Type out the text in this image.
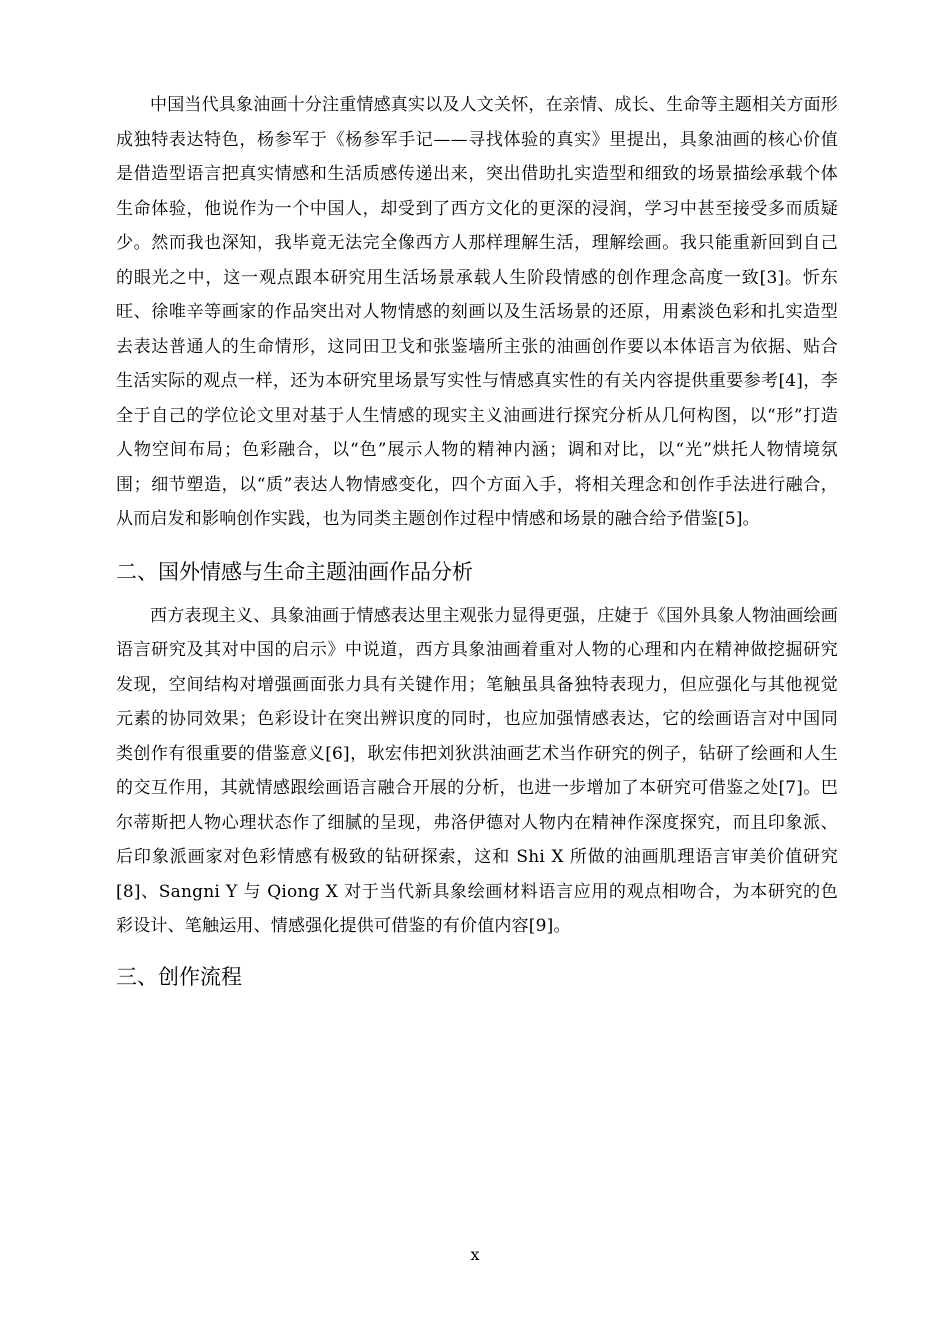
中国当代具象油画十分注重情感真实以及人文关怀，在亲情、成长、生命等主题相关方面形成独特表达特色，杨参军于《杨参军手记——寻找体验的真实》里提出，具象油画的核心价值是借造型语言把真实情感和生活质感传递出来，突出借助扎实造型和细致的场景描绘承载个体生命体验，他说作为一个中国人，却受到了西方文化的更深的浸润，学习中甚至接受多而质疑少。然而我也深知，我毕竟无法完全像西方人那样理解生活，理解绘画。我只能重新回到自己的眼光之中，这一观点跟本研究用生活场景承载人生阶段情感的创作理念高度一致[3]。忻东旺、徐唯辛等画家的作品突出对人物情感的刻画以及生活场景的还原，用素淡色彩和扎实造型去表达普通人的生命情形，这同田卫戈和张鉴墙所主张的油画创作要以本体语言为依据、贴合生活实际的观点一样，还为本研究里场景写实性与情感真实性的有关内容提供重要参考[4]，李全于自己的学位论文里对基于人生情感的现实主义油画进行探究分析从几何构图，以“形”打造人物空间布局；色彩融合，以“色”展示人物的精神内涵；调和对比，以“光”烘托人物情境氛围；细节塑造，以“质”表达人物情感变化，四个方面入手，将相关理念和创作手法进行融合，从而启发和影响创作实践，也为同类主题创作过程中情感和场景的融合给予借鉴[5]。

二、国外情感与生命主题油画作品分析

西方表现主义、具象油画于情感表达里主观张力显得更强，庄婕于《国外具象人物油画绘画语言研究及其对中国的启示》中说道，西方具象油画着重对人物的心理和内在精神做挖掘研究发现，空间结构对增强画面张力具有关键作用；笔触虽具备独特表现力，但应强化与其他视觉元素的协同效果；色彩设计在突出辨识度的同时，也应加强情感表达，它的绘画语言对中国同类创作有很重要的借鉴意义[6]，耿宏伟把刘狄洪油画艺术当作研究的例子，钻研了绘画和人生的交互作用，其就情感跟绘画语言融合开展的分析，也进一步增加了本研究可借鉴之处[7]。巴尔蒂斯把人物心理状态作了细腻的呈现，弗洛伊德对人物内在精神作深度探究，而且印象派、后印象派画家对色彩情感有极致的钻研探索，这和 Shi X 所做的油画肌理语言审美价值研究[8]、Sangni Y 与 Qiong X 对于当代新具象绘画材料语言应用的观点相吻合，为本研究的色彩设计、笔触运用、情感强化提供可借鉴的有价值内容[9]。

三、创作流程
x
